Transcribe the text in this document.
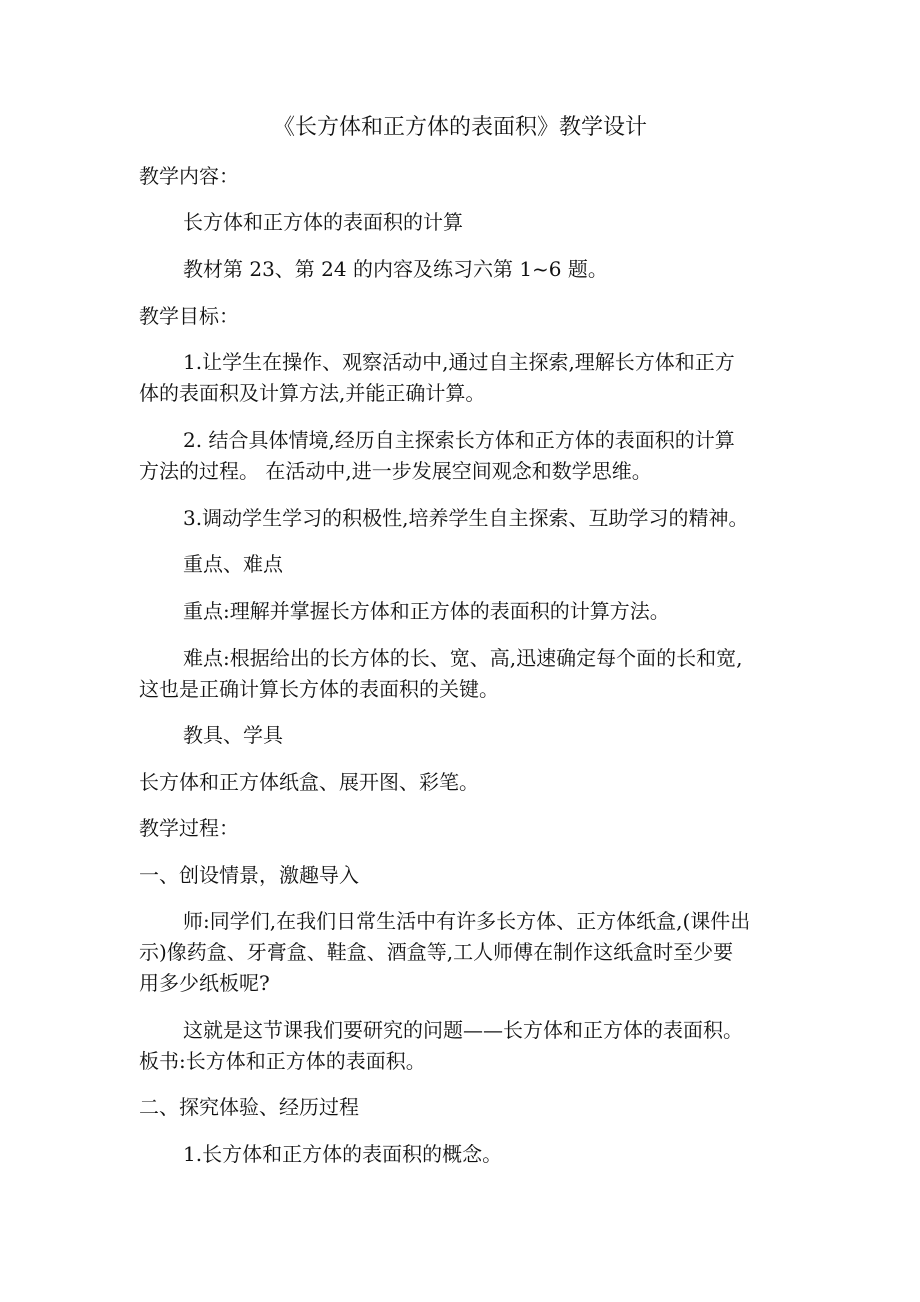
《长方体和正方体的表面积》教学设计
教学内容：
长方体和正方体的表面积的计算
教材第 23、第 24 的内容及练习六第 1~6 题。
教学目标：
1.让学生在操作、观察活动中,通过自主探索,理解长方体和正方
体的表面积及计算方法,并能正确计算。
2. 结合具体情境,经历自主探索长方体和正方体的表面积的计算
方法的过程。 在活动中,进一步发展空间观念和数学思维。
3.调动学生学习的积极性,培养学生自主探索、互助学习的精神。
重点、难点
重点:理解并掌握长方体和正方体的表面积的计算方法。
难点:根据给出的长方体的长、宽、高,迅速确定每个面的长和宽,
这也是正确计算长方体的表面积的关键。
教具、学具
长方体和正方体纸盒、展开图、彩笔。
教学过程：
一、创设情景，激趣导入
师:同学们,在我们日常生活中有许多长方体、正方体纸盒,(课件出
示)像药盒、牙膏盒、鞋盒、酒盒等,工人师傅在制作这纸盒时至少要
用多少纸板呢?
这就是这节课我们要研究的问题——长方体和正方体的表面积。
板书:长方体和正方体的表面积。
二、探究体验、经历过程
1.长方体和正方体的表面积的概念。
